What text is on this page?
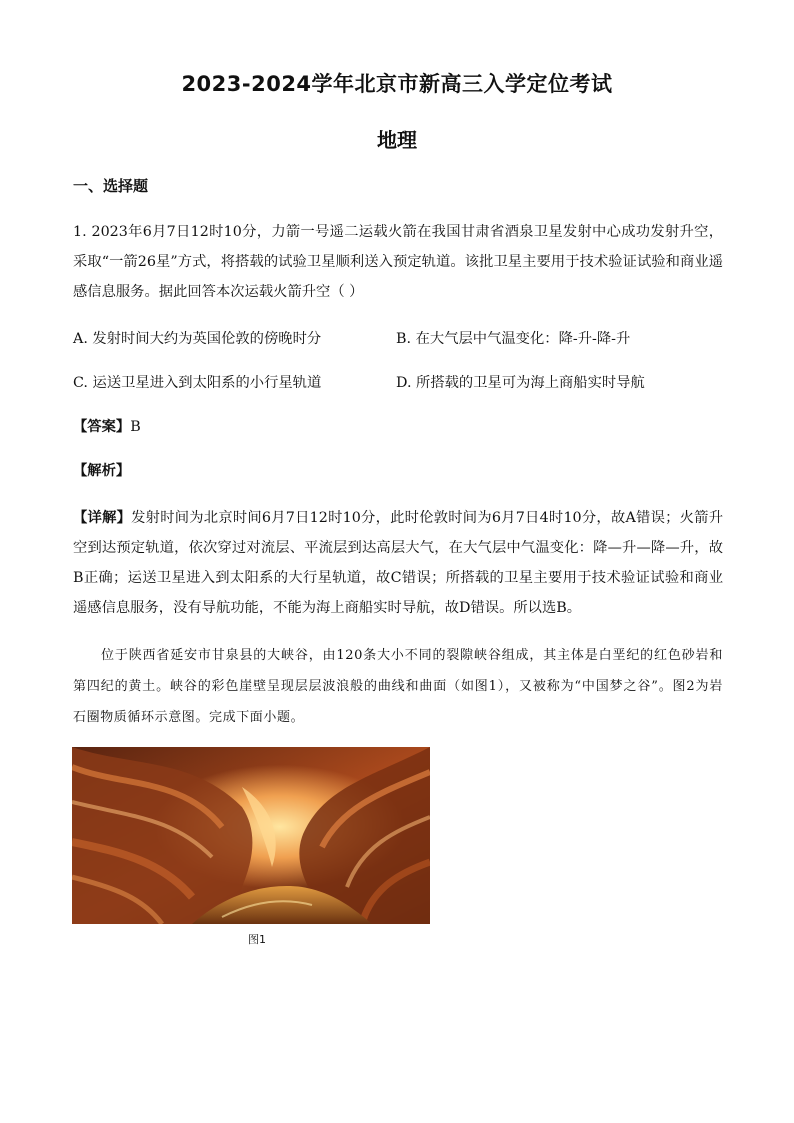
2023-2024学年北京市新高三入学定位考试
地理
一、选择题
1. 2023年6月7日12时10分，力箭一号遥二运载火箭在我国甘肃省酒泉卫星发射中心成功发射升空，采取“一箭26星”方式，将搭载的试验卫星顺利送入预定轨道。该批卫星主要用于技术验证试验和商业遥感信息服务。据此回答本次运载火箭升空（ ）
A. 发射时间大约为英国伦敦的傍晚时分	B. 在大气层中气温变化：降-升-降-升
C. 运送卫星进入到太阳系的小行星轨道	D. 所搭载的卫星可为海上商船实时导航
【答案】B
【解析】
【详解】发射时间为北京时间6月7日12时10分，此时伦敦时间为6月7日4时10分，故A错误；火箭升空到达预定轨道，依次穿过对流层、平流层到达高层大气，在大气层中气温变化：降—升—降—升，故B正确；运送卫星进入到太阳系的大行星轨道，故C错误；所搭载的卫星主要用于技术验证试验和商业遥感信息服务，没有导航功能，不能为海上商船实时导航，故D错误。所以选B。
位于陕西省延安市甘泉县的大峡谷，由120条大小不同的裂隙峡谷组成，其主体是白垩纪的红色砂岩和第四纪的黄土。峡谷的彩色崖壁呈现层层波浪般的曲线和曲面（如图1），又被称为“中国梦之谷”。图2为岩石圈物质循环示意图。完成下面小题。
图1
